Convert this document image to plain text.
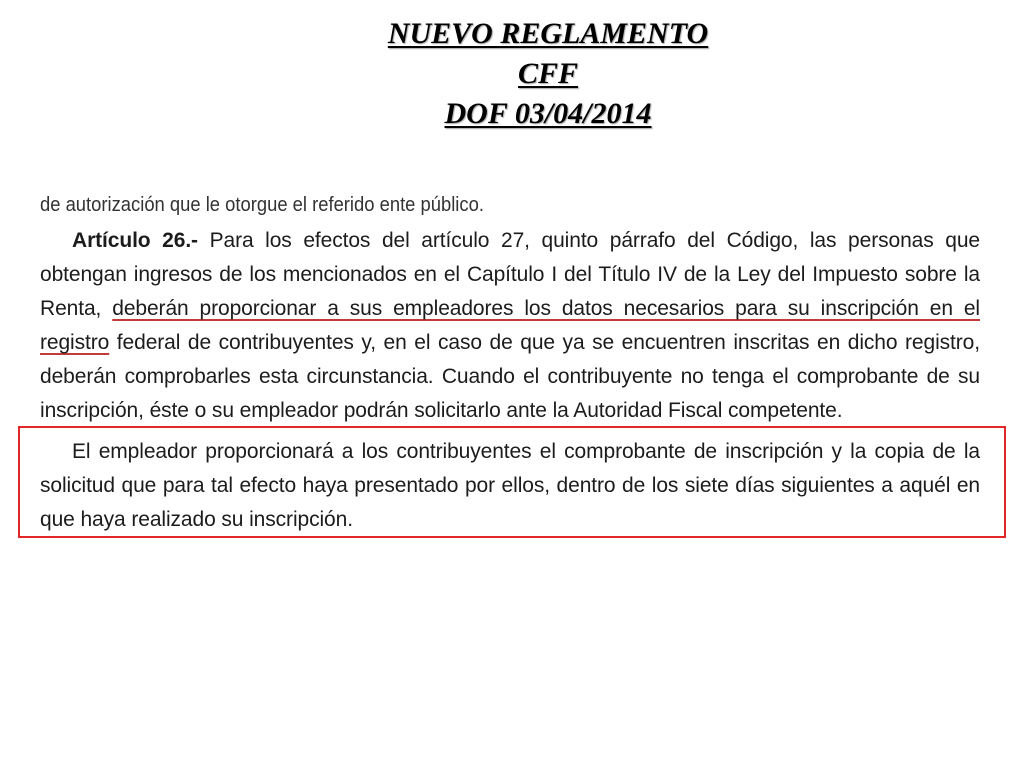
NUEVO REGLAMENTO
CFF
DOF 03/04/2014
de autorización que le otorgue el referido ente público.
Artículo 26.- Para los efectos del artículo 27, quinto párrafo del Código, las personas que obtengan ingresos de los mencionados en el Capítulo I del Título IV de la Ley del Impuesto sobre la Renta, deberán proporcionar a sus empleadores los datos necesarios para su inscripción en el registro federal de contribuyentes y, en el caso de que ya se encuentren inscritas en dicho registro, deberán comprobarles esta circunstancia. Cuando el contribuyente no tenga el comprobante de su inscripción, éste o su empleador podrán solicitarlo ante la Autoridad Fiscal competente.
El empleador proporcionará a los contribuyentes el comprobante de inscripción y la copia de la solicitud que para tal efecto haya presentado por ellos, dentro de los siete días siguientes a aquél en que haya realizado su inscripción.
